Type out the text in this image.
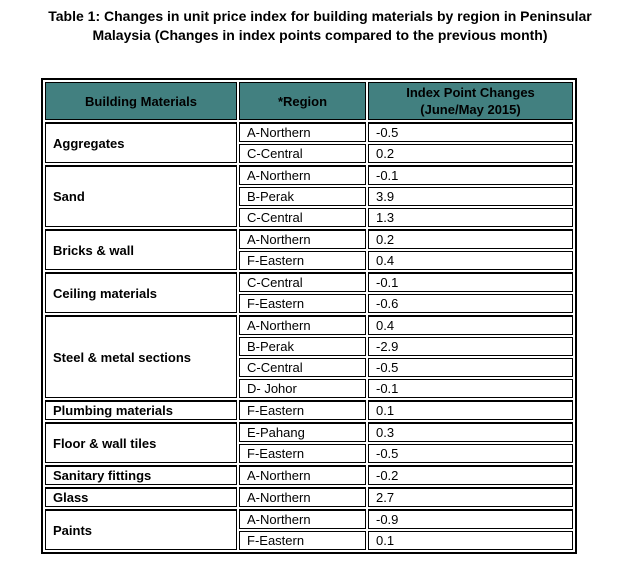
Table 1: Changes in unit price index for building materials by region in Peninsular
Malaysia (Changes in index points compared to the previous month)
Building Materials	*Region	Index Point Changes
(June/May 2015)

Aggregates	A-Northern	-0.5
	C-Central	0.2
Sand	A-Northern	-0.1
	B-Perak	3.9
	C-Central	1.3
Bricks & wall	A-Northern	0.2
	F-Eastern	0.4
Ceiling materials	C-Central	-0.1
	F-Eastern	-0.6
Steel & metal sections	A-Northern	0.4
	B-Perak	-2.9
	C-Central	-0.5
	D- Johor	-0.1
Plumbing materials	F-Eastern	0.1
Floor & wall tiles	E-Pahang	0.3
	F-Eastern	-0.5
Sanitary fittings	A-Northern	-0.2
Glass	A-Northern	2.7
Paints	A-Northern	-0.9
	F-Eastern	0.1
